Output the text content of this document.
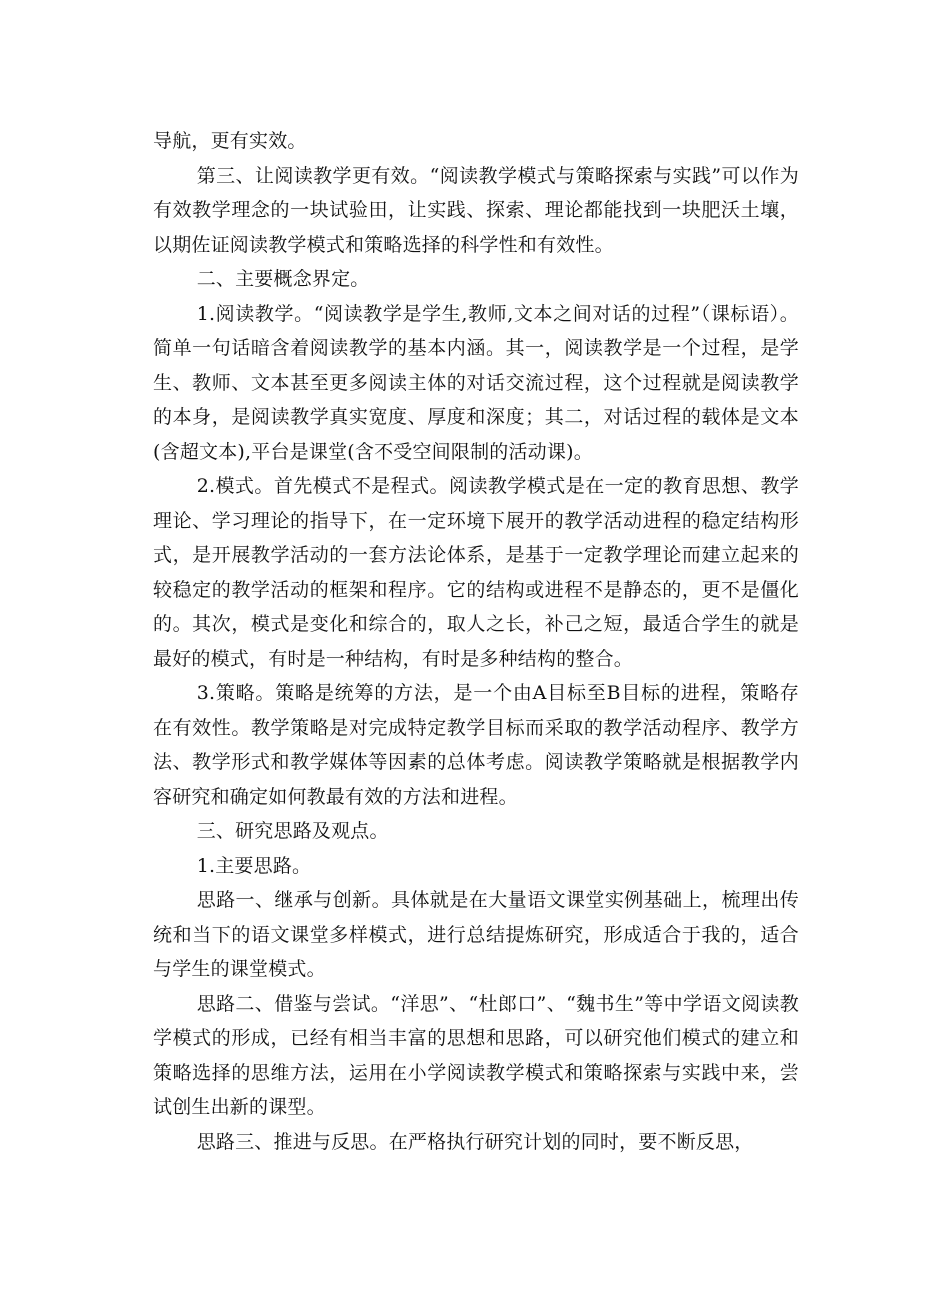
导航，更有实效。

第三、让阅读教学更有效。“阅读教学模式与策略探索与实践”可以作为有效教学理念的一块试验田，让实践、探索、理论都能找到一块肥沃土壤，以期佐证阅读教学模式和策略选择的科学性和有效性。

二、主要概念界定。

1.阅读教学。“阅读教学是学生,教师,文本之间对话的过程”（课标语）。简单一句话暗含着阅读教学的基本内涵。其一，阅读教学是一个过程，是学生、教师、文本甚至更多阅读主体的对话交流过程，这个过程就是阅读教学的本身，是阅读教学真实宽度、厚度和深度；其二，对话过程的载体是文本(含超文本),平台是课堂(含不受空间限制的活动课)。

2.模式。首先模式不是程式。阅读教学模式是在一定的教育思想、教学理论、学习理论的指导下，在一定环境下展开的教学活动进程的稳定结构形式，是开展教学活动的一套方法论体系，是基于一定教学理论而建立起来的较稳定的教学活动的框架和程序。它的结构或进程不是静态的，更不是僵化的。其次，模式是变化和综合的，取人之长，补己之短，最适合学生的就是最好的模式，有时是一种结构，有时是多种结构的整合。

3.策略。策略是统筹的方法，是一个由A目标至B目标的进程，策略存在有效性。教学策略是对完成特定教学目标而采取的教学活动程序、教学方法、教学形式和教学媒体等因素的总体考虑。阅读教学策略就是根据教学内容研究和确定如何教最有效的方法和进程。

三、研究思路及观点。

1.主要思路。

思路一、继承与创新。具体就是在大量语文课堂实例基础上，梳理出传统和当下的语文课堂多样模式，进行总结提炼研究，形成适合于我的，适合与学生的课堂模式。

思路二、借鉴与尝试。“洋思”、“杜郎口”、“魏书生”等中学语文阅读教学模式的形成，已经有相当丰富的思想和思路，可以研究他们模式的建立和策略选择的思维方法，运用在小学阅读教学模式和策略探索与实践中来，尝试创生出新的课型。

思路三、推进与反思。在严格执行研究计划的同时，要不断反思，
